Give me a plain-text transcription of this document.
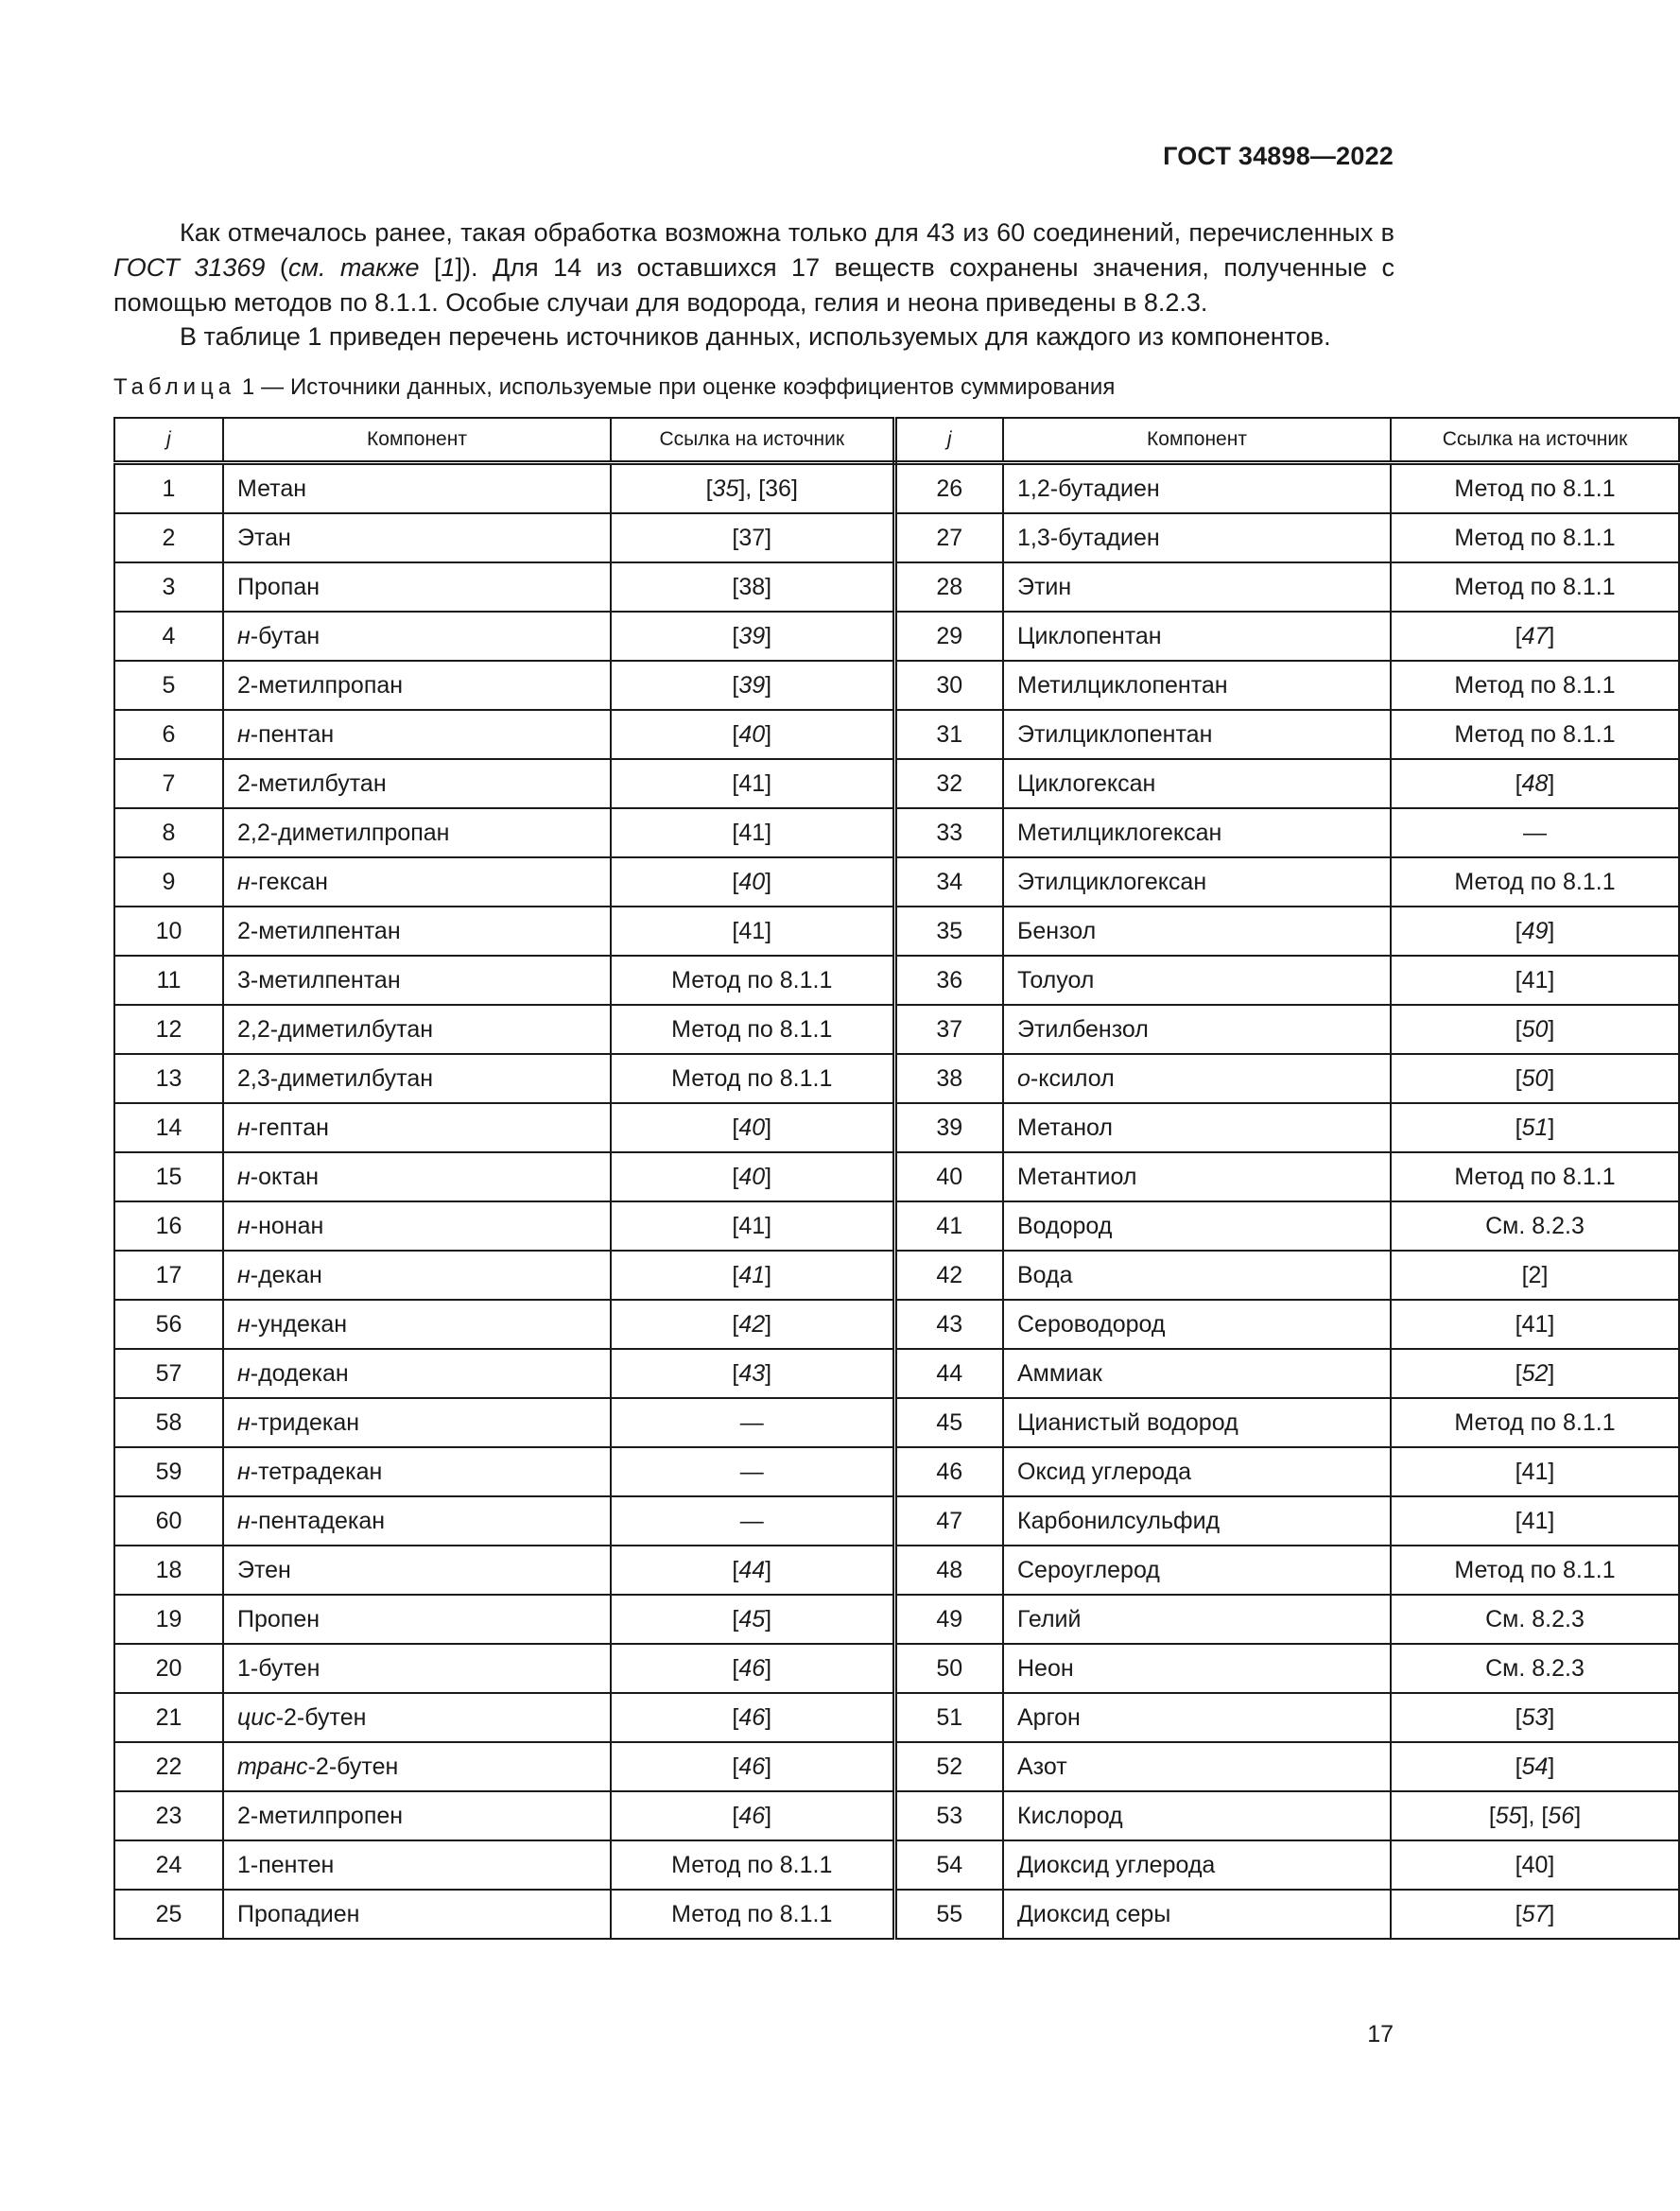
ГОСТ 34898—2022

Как отмечалось ранее, такая обработка возможна только для 43 из 60 соединений, перечисленных в ГОСТ 31369 (см. также [1]). Для 14 из оставшихся 17 веществ сохранены значения, полученные с помощью методов по 8.1.1. Особые случаи для водорода, гелия и неона приведены в 8.2.3.

В таблице 1 приведен перечень источников данных, используемых для каждого из компонентов.

Таблица 1 — Источники данных, используемые при оценке коэффициентов суммирования
j	Компонент	Ссылка на источник	j	Компонент	Ссылка на источник
1	Метан	[35], [36]	26	1,2-бутадиен	Метод по 8.1.1
2	Этан	[37]	27	1,3-бутадиен	Метод по 8.1.1
3	Пропан	[38]	28	Этин	Метод по 8.1.1
4	н-бутан	[39]	29	Циклопентан	[47]
5	2-метилпропан	[39]	30	Метилциклопентан	Метод по 8.1.1
6	н-пентан	[40]	31	Этилциклопентан	Метод по 8.1.1
7	2-метилбутан	[41]	32	Циклогексан	[48]
8	2,2-диметилпропан	[41]	33	Метилциклогексан	—
9	н-гексан	[40]	34	Этилциклогексан	Метод по 8.1.1
10	2-метилпентан	[41]	35	Бензол	[49]
11	3-метилпентан	Метод по 8.1.1	36	Толуол	[41]
12	2,2-диметилбутан	Метод по 8.1.1	37	Этилбензол	[50]
13	2,3-диметилбутан	Метод по 8.1.1	38	о-ксилол	[50]
14	н-гептан	[40]	39	Метанол	[51]
15	н-октан	[40]	40	Метантиол	Метод по 8.1.1
16	н-нонан	[41]	41	Водород	См. 8.2.3
17	н-декан	[41]	42	Вода	[2]
56	н-ундекан	[42]	43	Сероводород	[41]
57	н-додекан	[43]	44	Аммиак	[52]
58	н-тридекан	—	45	Цианистый водород	Метод по 8.1.1
59	н-тетрадекан	—	46	Оксид углерода	[41]
60	н-пентадекан	—	47	Карбонилсульфид	[41]
18	Этен	[44]	48	Сероуглерод	Метод по 8.1.1
19	Пропен	[45]	49	Гелий	См. 8.2.3
20	1-бутен	[46]	50	Неон	См. 8.2.3
21	цис-2-бутен	[46]	51	Аргон	[53]
22	транс-2-бутен	[46]	52	Азот	[54]
23	2-метилпропен	[46]	53	Кислород	[55], [56]
24	1-пентен	Метод по 8.1.1	54	Диоксид углерода	[40]
25	Пропадиен	Метод по 8.1.1	55	Диоксид серы	[57]
17
